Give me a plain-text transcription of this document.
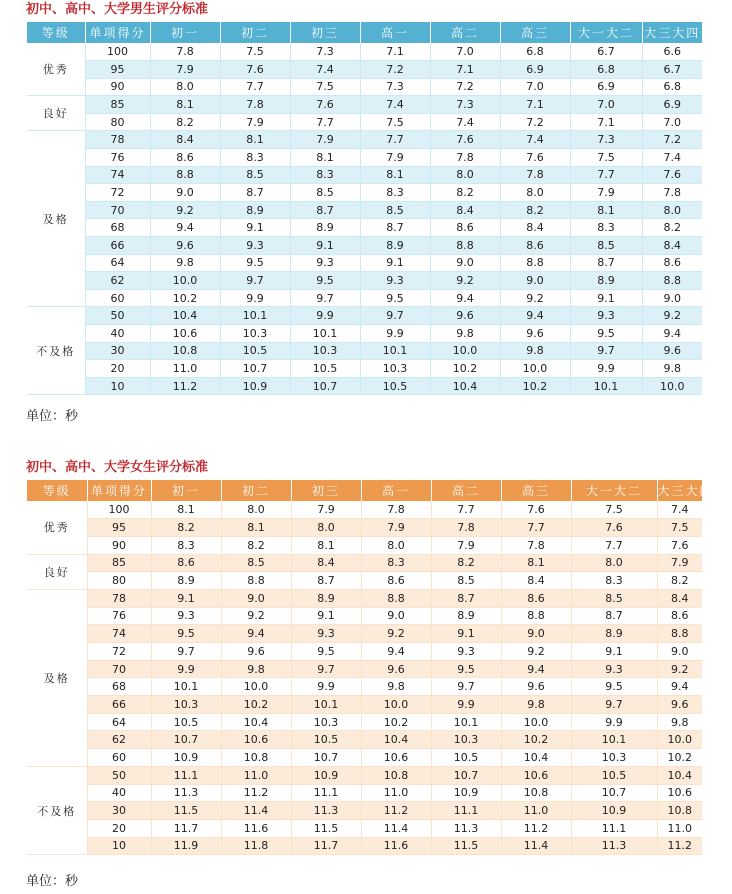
初中、高中、大学男生评分标准
等级	单项得分	初一	初二	初三	高一	高二	高三	大一大二	大三大四
优秀	100	7.8	7.5	7.3	7.1	7.0	6.8	6.7	6.6
	95	7.9	7.6	7.4	7.2	7.1	6.9	6.8	6.7
	90	8.0	7.7	7.5	7.3	7.2	7.0	6.9	6.8
良好	85	8.1	7.8	7.6	7.4	7.3	7.1	7.0	6.9
	80	8.2	7.9	7.7	7.5	7.4	7.2	7.1	7.0
及格	78	8.4	8.1	7.9	7.7	7.6	7.4	7.3	7.2
	76	8.6	8.3	8.1	7.9	7.8	7.6	7.5	7.4
	74	8.8	8.5	8.3	8.1	8.0	7.8	7.7	7.6
	72	9.0	8.7	8.5	8.3	8.2	8.0	7.9	7.8
	70	9.2	8.9	8.7	8.5	8.4	8.2	8.1	8.0
	68	9.4	9.1	8.9	8.7	8.6	8.4	8.3	8.2
	66	9.6	9.3	9.1	8.9	8.8	8.6	8.5	8.4
	64	9.8	9.5	9.3	9.1	9.0	8.8	8.7	8.6
	62	10.0	9.7	9.5	9.3	9.2	9.0	8.9	8.8
	60	10.2	9.9	9.7	9.5	9.4	9.2	9.1	9.0
不及格	50	10.4	10.1	9.9	9.7	9.6	9.4	9.3	9.2
	40	10.6	10.3	10.1	9.9	9.8	9.6	9.5	9.4
	30	10.8	10.5	10.3	10.1	10.0	9.8	9.7	9.6
	20	11.0	10.7	10.5	10.3	10.2	10.0	9.9	9.8
	10	11.2	10.9	10.7	10.5	10.4	10.2	10.1	10.0
单位：秒
初中、高中、大学女生评分标准
等级	单项得分	初一	初二	初三	高一	高二	高三	大一大二	大三大四
优秀	100	8.1	8.0	7.9	7.8	7.7	7.6	7.5	7.4
	95	8.2	8.1	8.0	7.9	7.8	7.7	7.6	7.5
	90	8.3	8.2	8.1	8.0	7.9	7.8	7.7	7.6
良好	85	8.6	8.5	8.4	8.3	8.2	8.1	8.0	7.9
	80	8.9	8.8	8.7	8.6	8.5	8.4	8.3	8.2
及格	78	9.1	9.0	8.9	8.8	8.7	8.6	8.5	8.4
	76	9.3	9.2	9.1	9.0	8.9	8.8	8.7	8.6
	74	9.5	9.4	9.3	9.2	9.1	9.0	8.9	8.8
	72	9.7	9.6	9.5	9.4	9.3	9.2	9.1	9.0
	70	9.9	9.8	9.7	9.6	9.5	9.4	9.3	9.2
	68	10.1	10.0	9.9	9.8	9.7	9.6	9.5	9.4
	66	10.3	10.2	10.1	10.0	9.9	9.8	9.7	9.6
	64	10.5	10.4	10.3	10.2	10.1	10.0	9.9	9.8
	62	10.7	10.6	10.5	10.4	10.3	10.2	10.1	10.0
	60	10.9	10.8	10.7	10.6	10.5	10.4	10.3	10.2
不及格	50	11.1	11.0	10.9	10.8	10.7	10.6	10.5	10.4
	40	11.3	11.2	11.1	11.0	10.9	10.8	10.7	10.6
	30	11.5	11.4	11.3	11.2	11.1	11.0	10.9	10.8
	20	11.7	11.6	11.5	11.4	11.3	11.2	11.1	11.0
	10	11.9	11.8	11.7	11.6	11.5	11.4	11.3	11.2
单位：秒
